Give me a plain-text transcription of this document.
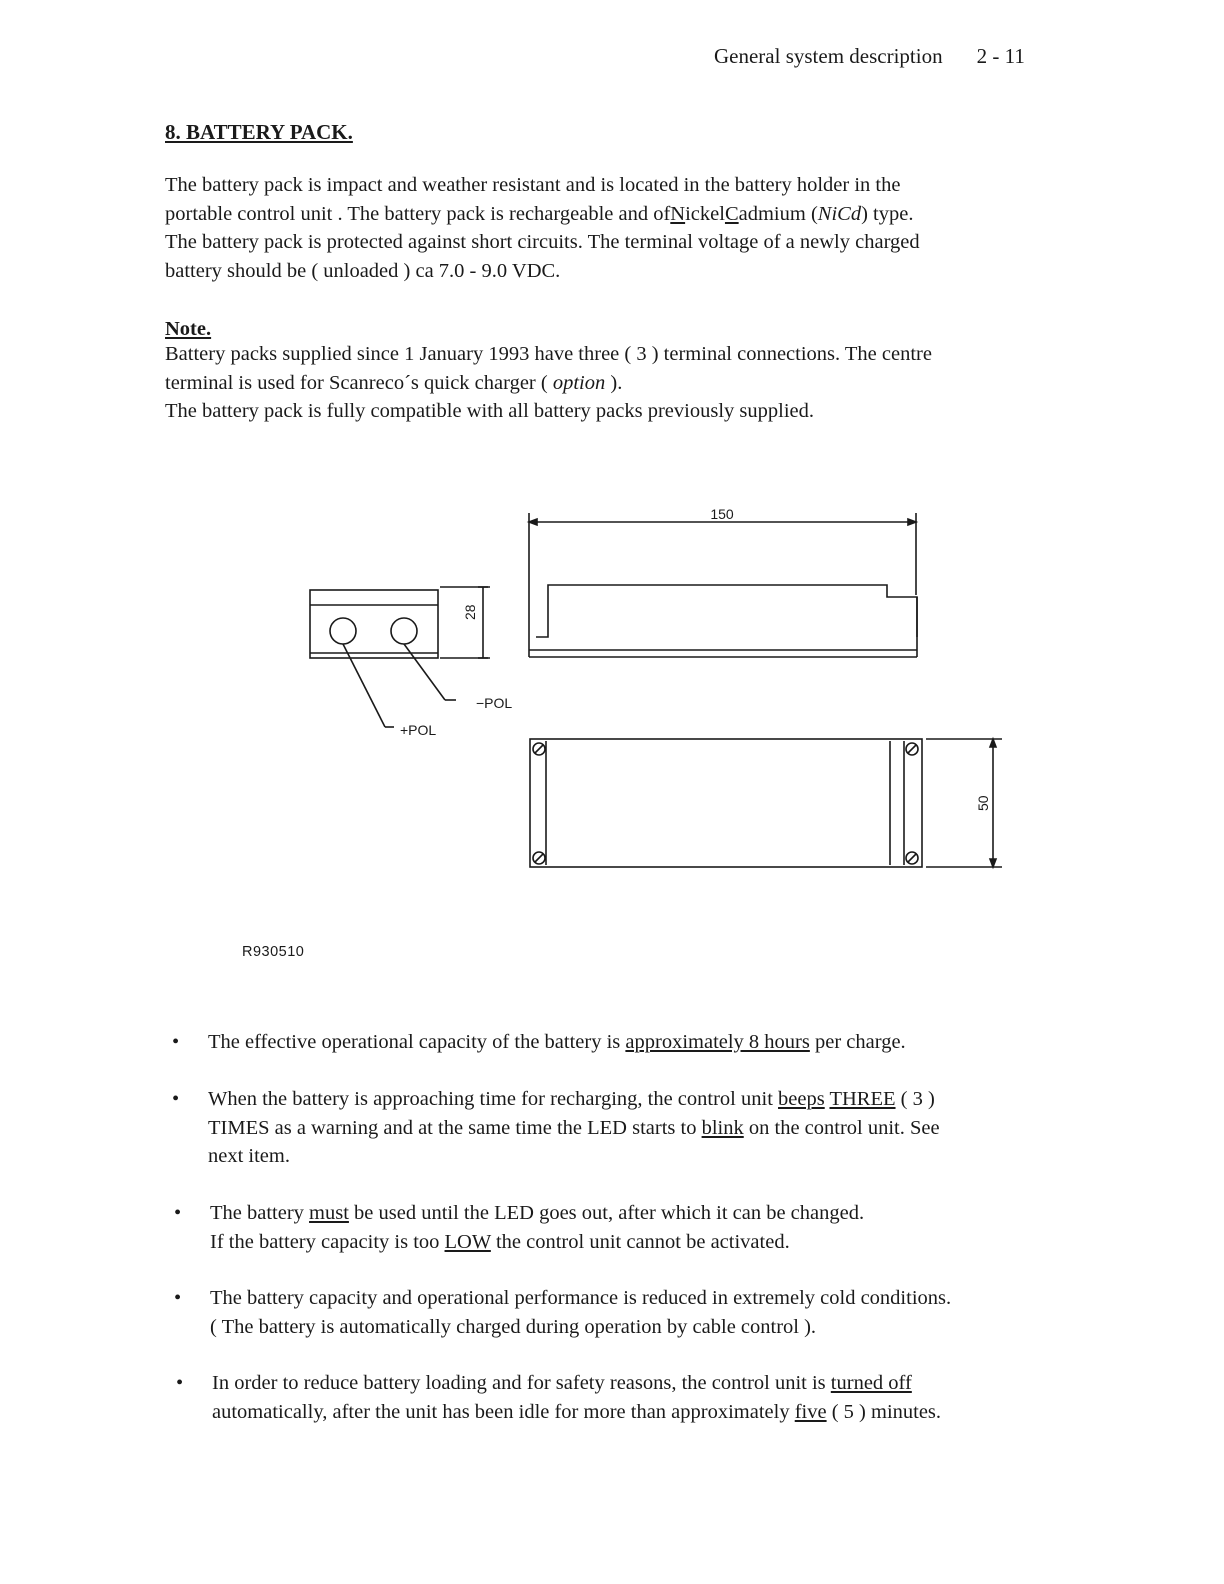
General system description 2 - 11
8. BATTERY PACK.
The battery pack is impact and weather resistant and is located in the battery holder in the
portable control unit . The battery pack is rechargeable and ofNickelCadmium (NiCd) type.
The battery pack is protected against short circuits. The terminal voltage of a newly charged
battery should be ( unloaded ) ca 7.0 - 9.0 VDC.
Note.
Battery packs supplied since 1 January 1993 have three ( 3 ) terminal connections. The centre
terminal is used for Scanreco´s quick charger ( option ).
The battery pack is fully compatible with all battery packs previously supplied.
−POL
+POL
28
150
50
R930510
• The effective operational capacity of the battery is approximately 8 hours per charge.
• When the battery is approaching time for recharging, the control unit beeps THREE ( 3 )
TIMES as a warning and at the same time the LED starts to blink on the control unit. See
next item.
• The battery must be used until the LED goes out, after which it can be changed.
If the battery capacity is too LOW the control unit cannot be activated.
• The battery capacity and operational performance is reduced in extremely cold conditions.
( The battery is automatically charged during operation by cable control ).
• In order to reduce battery loading and for safety reasons, the control unit is turned off
automatically, after the unit has been idle for more than approximately five ( 5 ) minutes.
